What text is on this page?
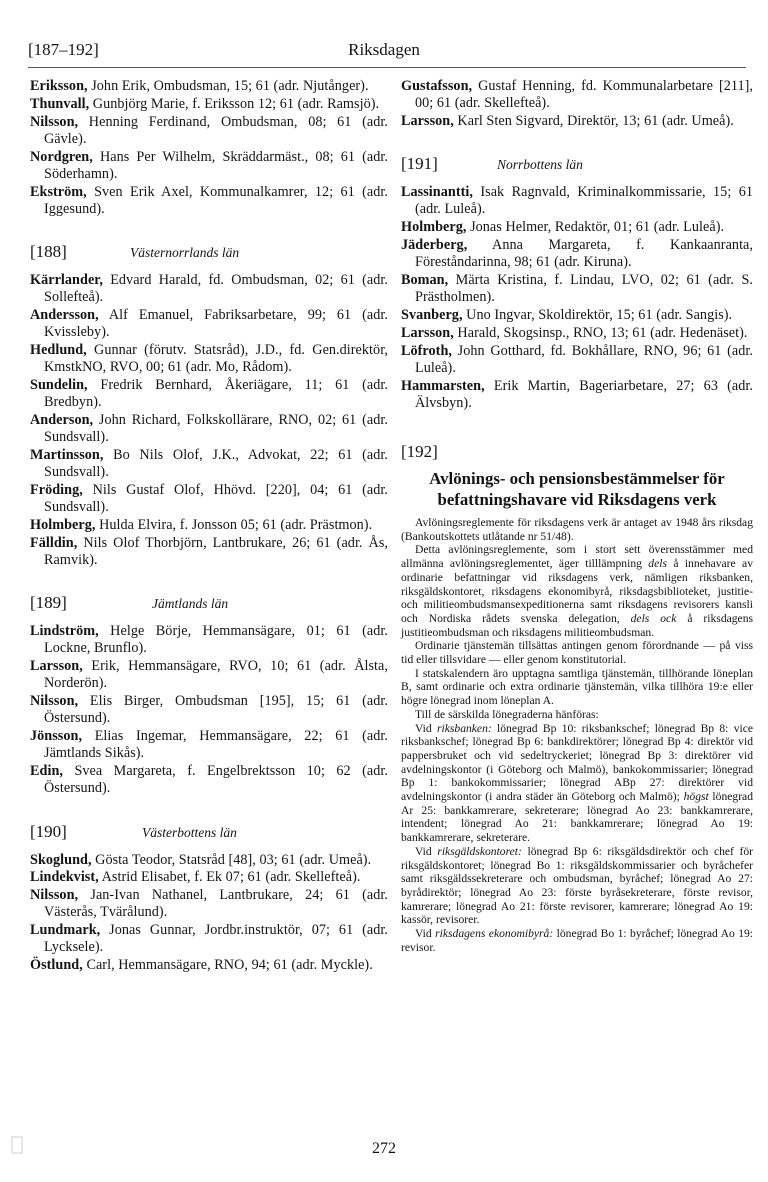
[187–192]	Riksdagen

Eriksson, John Erik, Ombudsman, 15; 61 (adr. Njutånger).

Thunvall, Gunbjörg Marie, f. Eriksson 12; 61 (adr. Ramsjö).

Nilsson, Henning Ferdinand, Ombudsman, 08; 61 (adr. Gävle).

Nordgren, Hans Per Wilhelm, Skräddarmäst., 08; 61 (adr. Söderhamn).

Ekström, Sven Erik Axel, Kommunalkamrer, 12; 61 (adr. Iggesund).

[188]	Västernorrlands län

Kärrlander, Edvard Harald, fd. Ombudsman, 02; 61 (adr. Sollefteå).

Andersson, Alf Emanuel, Fabriksarbetare, 99; 61 (adr. Kvissleby).

Hedlund, Gunnar (förutv. Statsråd), J.D., fd. Gen.direktör, KmstkNO, RVO, 00; 61 (adr. Mo, Rådom).

Sundelin, Fredrik Bernhard, Åkeriägare, 11; 61 (adr. Bredbyn).

Anderson, John Richard, Folkskollärare, RNO, 02; 61 (adr. Sundsvall).

Martinsson, Bo Nils Olof, J.K., Advokat, 22; 61 (adr. Sundsvall).

Fröding, Nils Gustaf Olof, Hhövd. [220], 04; 61 (adr. Sundsvall).

Holmberg, Hulda Elvira, f. Jonsson 05; 61 (adr. Prästmon).

Fälldin, Nils Olof Thorbjörn, Lantbrukare, 26; 61 (adr. Ås, Ramvik).

[189]	Jämtlands län

Lindström, Helge Börje, Hemmansägare, 01; 61 (adr. Lockne, Brunflo).

Larsson, Erik, Hemmansägare, RVO, 10; 61 (adr. Ålsta, Norderön).

Nilsson, Elis Birger, Ombudsman [195], 15; 61 (adr. Östersund).

Jönsson, Elias Ingemar, Hemmansägare, 22; 61 (adr. Jämtlands Sikås).

Edin, Svea Margareta, f. Engelbrektsson 10; 62 (adr. Östersund).

[190]	Västerbottens län

Skoglund, Gösta Teodor, Statsråd [48], 03; 61 (adr. Umeå).

Lindekvist, Astrid Elisabet, f. Ek 07; 61 (adr. Skellefteå).

Nilsson, Jan-Ivan Nathanel, Lantbrukare, 24; 61 (adr. Västerås, Tvärålund).

Lundmark, Jonas Gunnar, Jordbr.instruktör, 07; 61 (adr. Lycksele).

Östlund, Carl, Hemmansägare, RNO, 94; 61 (adr. Myckle).

Gustafsson, Gustaf Henning, fd. Kommunalarbetare [211], 00; 61 (adr. Skellefteå).

Larsson, Karl Sten Sigvard, Direktör, 13; 61 (adr. Umeå).

[191]	Norrbottens län

Lassinantti, Isak Ragnvald, Kriminalkommissarie, 15; 61 (adr. Luleå).

Holmberg, Jonas Helmer, Redaktör, 01; 61 (adr. Luleå).

Jäderberg, Anna Margareta, f. Kankaanranta, Föreståndarinna, 98; 61 (adr. Kiruna).

Boman, Märta Kristina, f. Lindau, LVO, 02; 61 (adr. S. Prästholmen).

Svanberg, Uno Ingvar, Skoldirektör, 15; 61 (adr. Sangis).

Larsson, Harald, Skogsinsp., RNO, 13; 61 (adr. Hedenäset).

Löfroth, John Gotthard, fd. Bokhållare, RNO, 96; 61 (adr. Luleå).

Hammarsten, Erik Martin, Bageriarbetare, 27; 63 (adr. Älvsbyn).

[192]
Avlönings- och pensionsbestämmelser för befattningshavare vid Riksdagens verk

Avlöningsreglemente för riksdagens verk är antaget av 1948 års riksdag (Bankoutskottets utlåtande nr 51/48).

Detta avlöningsreglemente, som i stort sett överensstämmer med allmänna avlöningsreglementet, äger tilllämpning dels å innehavare av ordinarie befattningar vid riksdagens verk, nämligen riksbanken, riksgäldskontoret, riksdagens ekonomibyrå, riksdagsbiblioteket, justitie- och militieombudsmansexpeditionerna samt riksdagens revisorers kansli och Nordiska rådets svenska delegation, dels ock å riksdagens justitieombudsman och riksdagens militieombudsman.

Ordinarie tjänstemän tillsättas antingen genom förordnande — på viss tid eller tillsvidare — eller genom konstitutorial.

I statskalendern äro upptagna samtliga tjänstemän, tillhörande löneplan B, samt ordinarie och extra ordinarie tjänstemän, vilka tillhöra 19:e eller högre lönegrad inom löneplan A.

Till de särskilda lönegraderna hänföras:

Vid riksbanken: lönegrad Bp 10: riksbankschef; lönegrad Bp 8: vice riksbankschef; lönegrad Bp 6: bankdirektörer; lönegrad Bp 4: direktör vid pappersbruket och vid sedeltryckeriet; lönegrad Bp 3: direktörer vid avdelningskontor (i Göteborg och Malmö), bankokommissarier; lönegrad Bp 1: bankokommissarier; lönegrad ABp 27: direktörer vid avdelningskontor (i andra städer än Göteborg och Malmö); högst lönegrad Ar 25: bankkamrerare, sekreterare; lönegrad Ao 23: bankkamrerare, intendent; lönegrad Ao 21: bankkamrerare; lönegrad Ao 19: bankkamrerare, sekreterare.

Vid riksgäldskontoret: lönegrad Bp 6: riksgäldsdirektör och chef för riksgäldskontoret; lönegrad Bo 1: riksgäldskommissarier och byråchefer samt riksgäldssekreterare och ombudsman, byråchef; lönegrad Ao 27: byrådirektör; lönegrad Ao 23: förste byråsekreterare, förste revisor, kamrerare; lönegrad Ao 21: förste revisorer, kamrerare; lönegrad Ao 19: kassör, revisorer.

Vid riksdagens ekonomibyrå: lönegrad Bo 1: byråchef; lönegrad Ao 19: revisor.

272
